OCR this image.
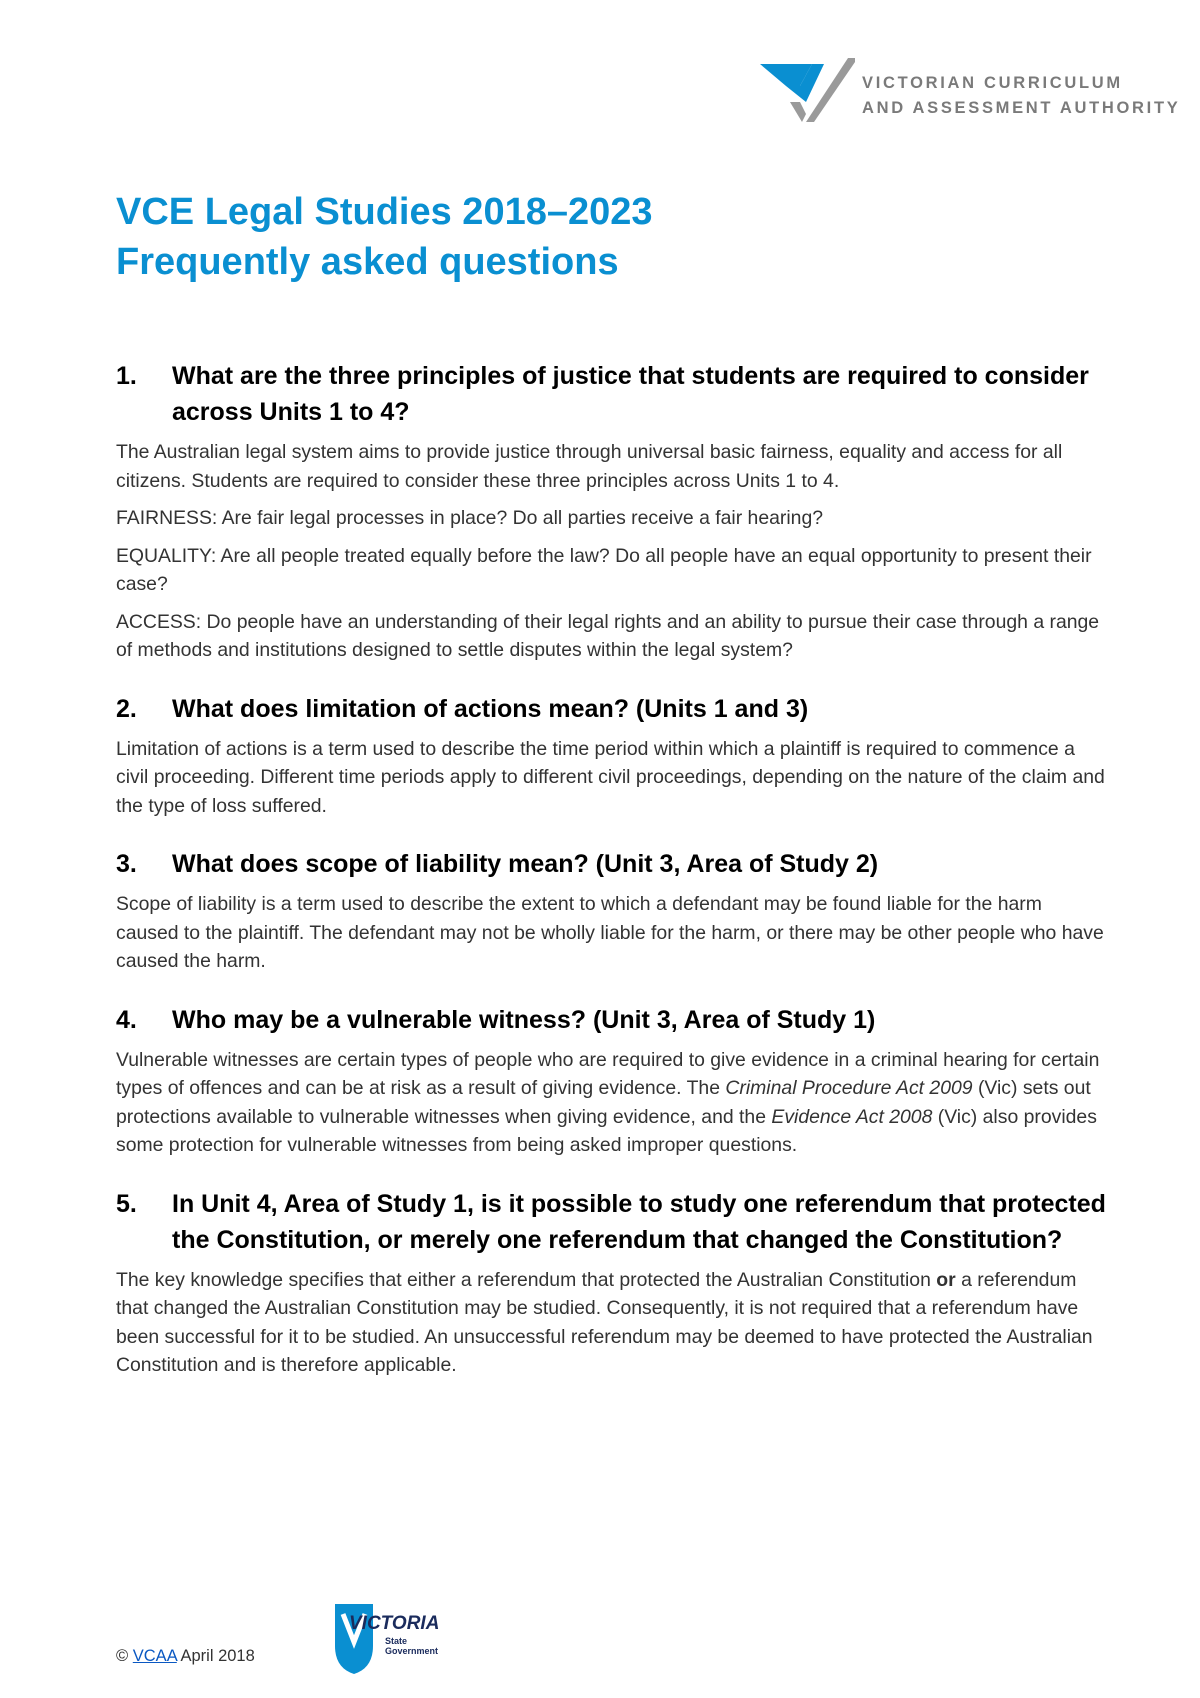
VICTORIAN CURRICULUM
AND ASSESSMENT AUTHORITY
VCE Legal Studies 2018–2023
Frequently asked questions
1.	What are the three principles of justice that students are required to consider across Units 1 to 4?

The Australian legal system aims to provide justice through universal basic fairness, equality and access for all citizens. Students are required to consider these three principles across Units 1 to 4.

FAIRNESS: Are fair legal processes in place? Do all parties receive a fair hearing?

EQUALITY: Are all people treated equally before the law? Do all people have an equal opportunity to present their case?

ACCESS: Do people have an understanding of their legal rights and an ability to pursue their case through a range of methods and institutions designed to settle disputes within the legal system?

2.	What does limitation of actions mean? (Units 1 and 3)

Limitation of actions is a term used to describe the time period within which a plaintiff is required to commence a civil proceeding. Different time periods apply to different civil proceedings, depending on the nature of the claim and the type of loss suffered.

3.	What does scope of liability mean? (Unit 3, Area of Study 2)

Scope of liability is a term used to describe the extent to which a defendant may be found liable for the harm caused to the plaintiff. The defendant may not be wholly liable for the harm, or there may be other people who have caused the harm.

4.	Who may be a vulnerable witness? (Unit 3, Area of Study 1)

Vulnerable witnesses are certain types of people who are required to give evidence in a criminal hearing for certain types of offences and can be at risk as a result of giving evidence. The Criminal Procedure Act 2009 (Vic) sets out protections available to vulnerable witnesses when giving evidence, and the Evidence Act 2008 (Vic) also provides some protection for vulnerable witnesses from being asked improper questions.

5.	In Unit 4, Area of Study 1, is it possible to study one referendum that protected the Constitution, or merely one referendum that changed the Constitution?

The key knowledge specifies that either a referendum that protected the Australian Constitution or a referendum that changed the Australian Constitution may be studied. Consequently, it is not required that a referendum have been successful for it to be studied. An unsuccessful referendum may be deemed to have protected the Australian Constitution and is therefore applicable.

© VCAA April 2018
VICTORIA
State
Government
